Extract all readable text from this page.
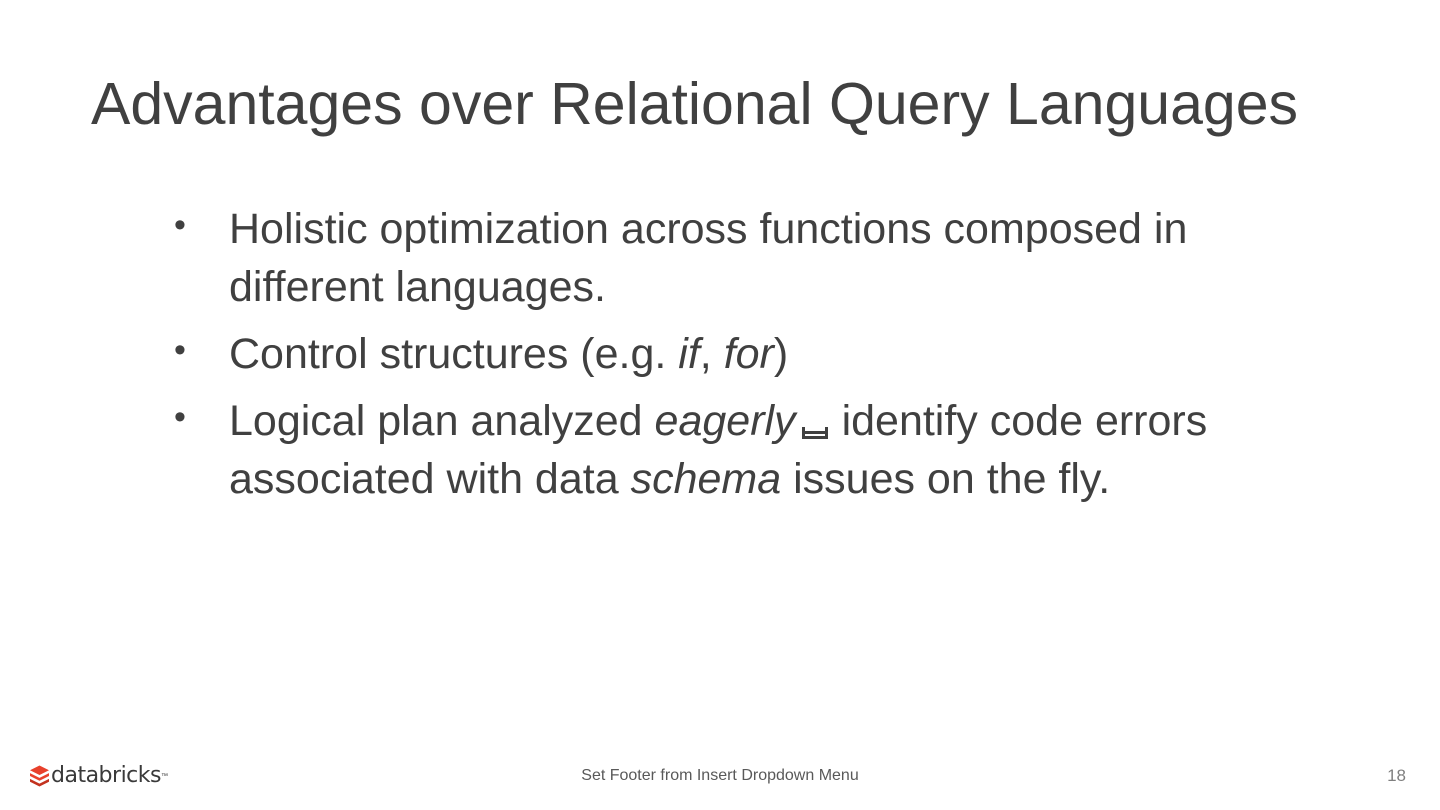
Advantages over Relational Query Languages
• Holistic optimization across functions composed in different languages.
• Control structures (e.g. if, for)
• Logical plan analyzed eagerly identify code errors associated with data schema issues on the fly.
databricks ™	Set Footer from Insert Dropdown Menu	18
